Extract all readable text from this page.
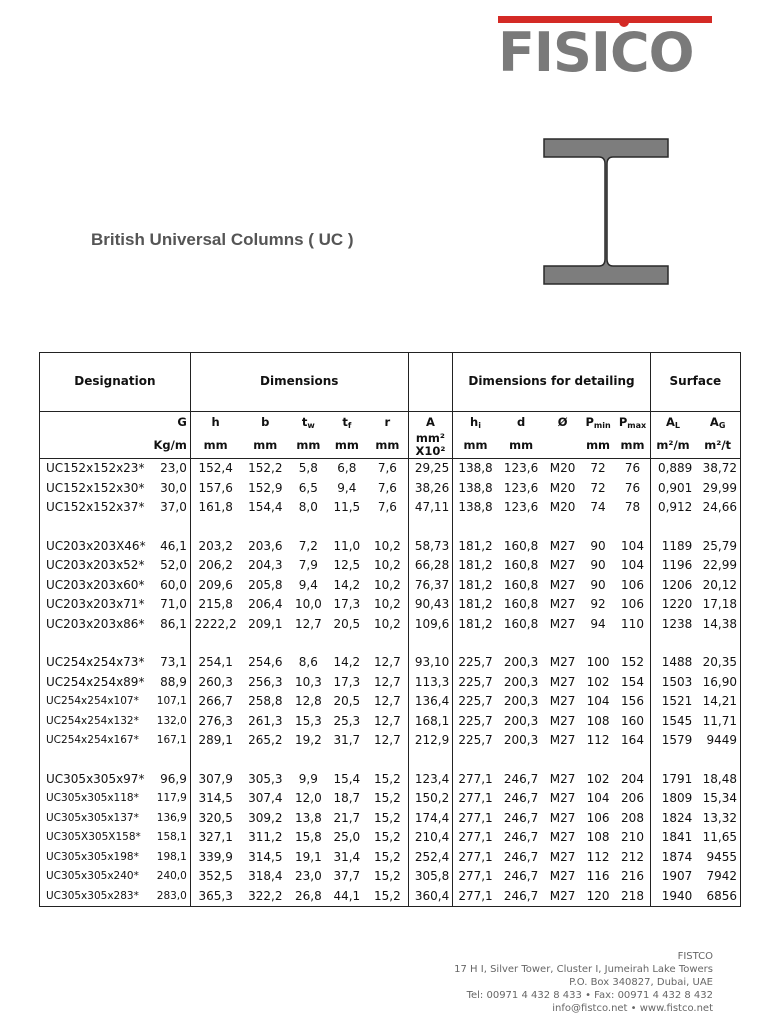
FISICO
British Universal Columns ( UC )
Designation		Dimensions						Dimensions for detailing					Surface	
	G	h	b	$t_w$	$t_f$	r	A	$h_i$	d	Ø	$P_{min}$	$P_{max}$	$A_L$	$A_G$
	Kg/m	mm	mm	mm	mm	mm	mm²
X10²	mm	mm		mm	mm	m²/m	m²/t
UC152x152x23*	23,0	152,4	152,2	5,8	6,8	7,6	29,25	138,8	123,6	M20	72	76	0,889	38,72
UC152x152x30*	30,0	157,6	152,9	6,5	9,4	7,6	38,26	138,8	123,6	M20	72	76	0,901	29,99
UC152x152x37*	37,0	161,8	154,4	8,0	11,5	7,6	47,11	138,8	123,6	M20	74	78	0,912	24,66

UC203x203X46*	46,1	203,2	203,6	7,2	11,0	10,2	58,73	181,2	160,8	M27	90	104	1189	25,79
UC203x203x52*	52,0	206,2	204,3	7,9	12,5	10,2	66,28	181,2	160,8	M27	90	104	1196	22,99
UC203x203x60*	60,0	209,6	205,8	9,4	14,2	10,2	76,37	181,2	160,8	M27	90	106	1206	20,12
UC203x203x71*	71,0	215,8	206,4	10,0	17,3	10,2	90,43	181,2	160,8	M27	92	106	1220	17,18
UC203x203x86*	86,1	2222,2	209,1	12,7	20,5	10,2	109,6	181,2	160,8	M27	94	110	1238	14,38

UC254x254x73*	73,1	254,1	254,6	8,6	14,2	12,7	93,10	225,7	200,3	M27	100	152	1488	20,35
UC254x254x89*	88,9	260,3	256,3	10,3	17,3	12,7	113,3	225,7	200,3	M27	102	154	1503	16,90
UC254x254x107*	107,1	266,7	258,8	12,8	20,5	12,7	136,4	225,7	200,3	M27	104	156	1521	14,21
UC254x254x132*	132,0	276,3	261,3	15,3	25,3	12,7	168,1	225,7	200,3	M27	108	160	1545	11,71
UC254x254x167*	167,1	289,1	265,2	19,2	31,7	12,7	212,9	225,7	200,3	M27	112	164	1579	9449

UC305x305x97*	96,9	307,9	305,3	9,9	15,4	15,2	123,4	277,1	246,7	M27	102	204	1791	18,48
UC305x305x118*	117,9	314,5	307,4	12,0	18,7	15,2	150,2	277,1	246,7	M27	104	206	1809	15,34
UC305x305x137*	136,9	320,5	309,2	13,8	21,7	15,2	174,4	277,1	246,7	M27	106	208	1824	13,32
UC305X305X158*	158,1	327,1	311,2	15,8	25,0	15,2	210,4	277,1	246,7	M27	108	210	1841	11,65
UC305x305x198*	198,1	339,9	314,5	19,1	31,4	15,2	252,4	277,1	246,7	M27	112	212	1874	9455
UC305x305x240*	240,0	352,5	318,4	23,0	37,7	15,2	305,8	277,1	246,7	M27	116	216	1907	7942
UC305x305x283*	283,0	365,3	322,2	26,8	44,1	15,2	360,4	277,1	246,7	M27	120	218	1940	6856
FISTCO
17 H I, Silver Tower, Cluster I, Jumeirah Lake Towers
P.O. Box 340827, Dubai, UAE
Tel: 00971 4 432 8 433 • Fax: 00971 4 432 8 432
info@fistco.net • www.fistco.net
